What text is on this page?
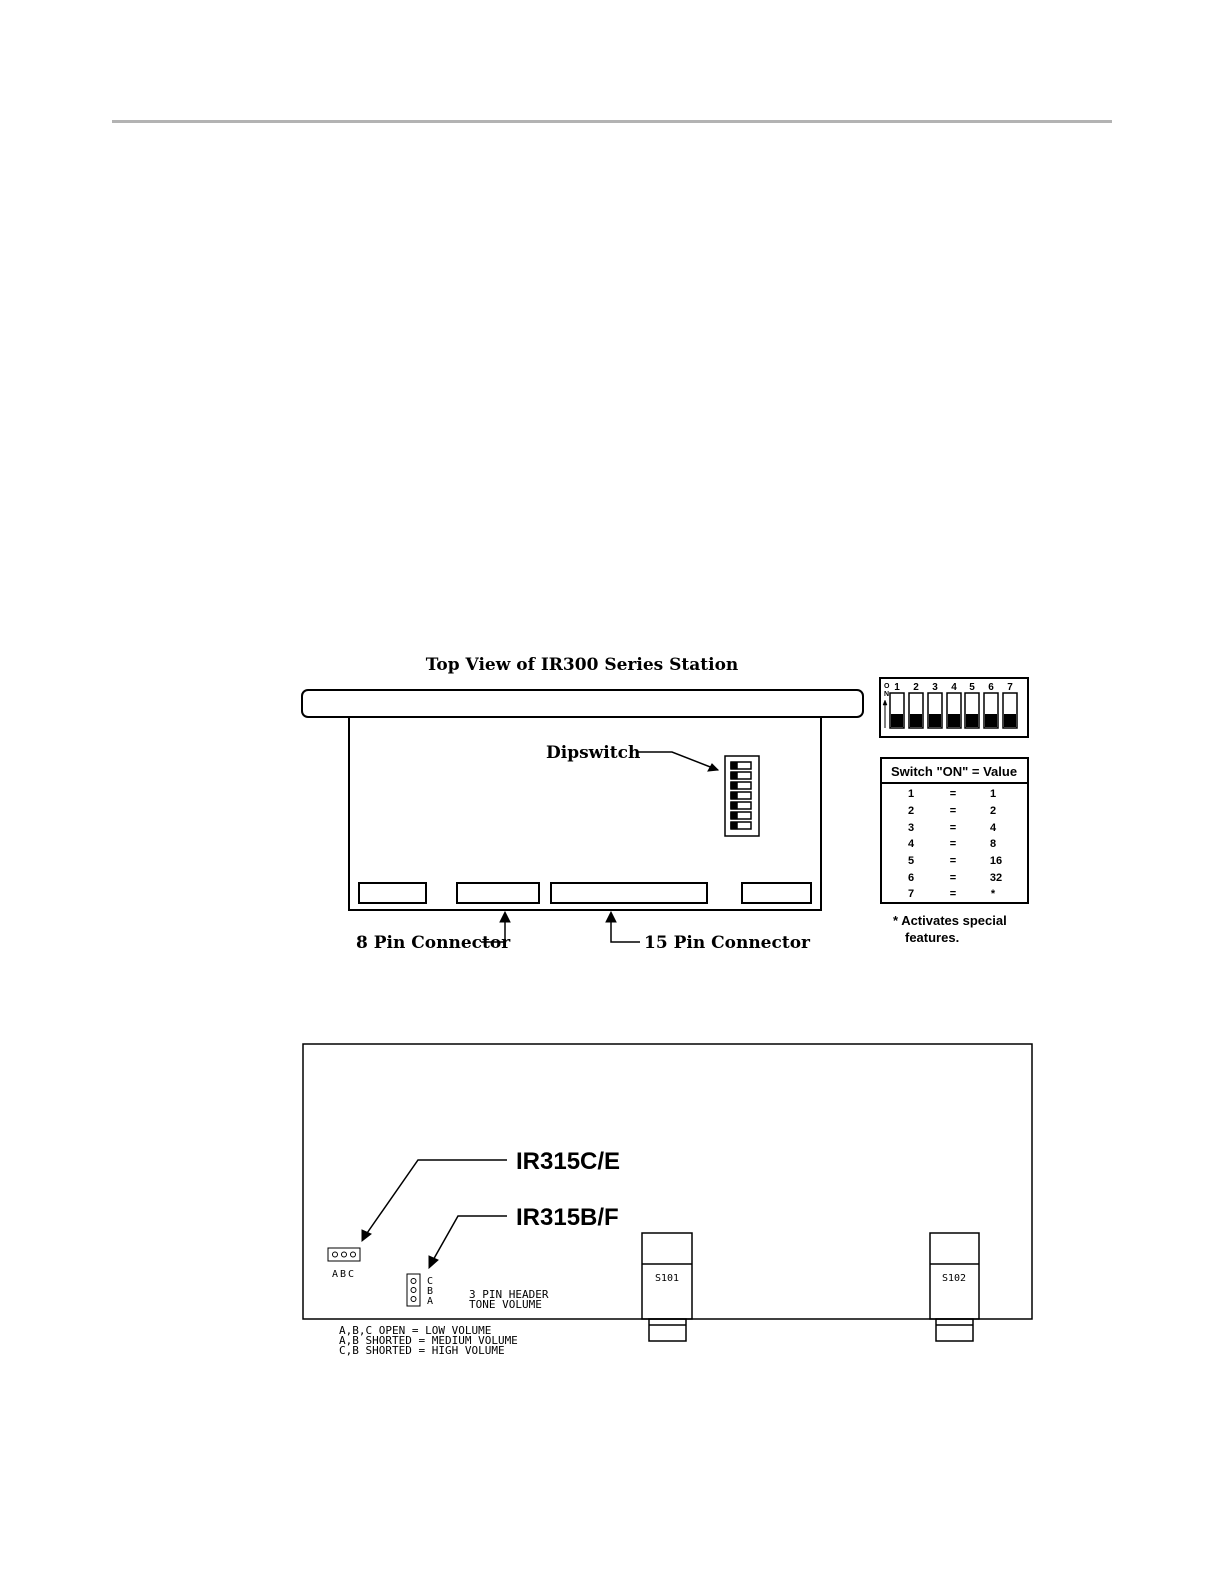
Top View of IR300 Series Station
Dipswitch
8 Pin Connector	15 Pin Connector
O
N
1 2 3 4 5 6 7
Switch "ON" = Value
1	=	1
2	=	2
3	=	4
4	=	8
5	=	16
6	=	32
7	=	*
* Activates special
features.
IR315C/E
IR315B/F
ABC
C
B
A
3 PIN HEADER
TONE VOLUME
A,B,C OPEN = LOW VOLUME
A,B SHORTED = MEDIUM VOLUME
C,B SHORTED = HIGH VOLUME
S101	S102
